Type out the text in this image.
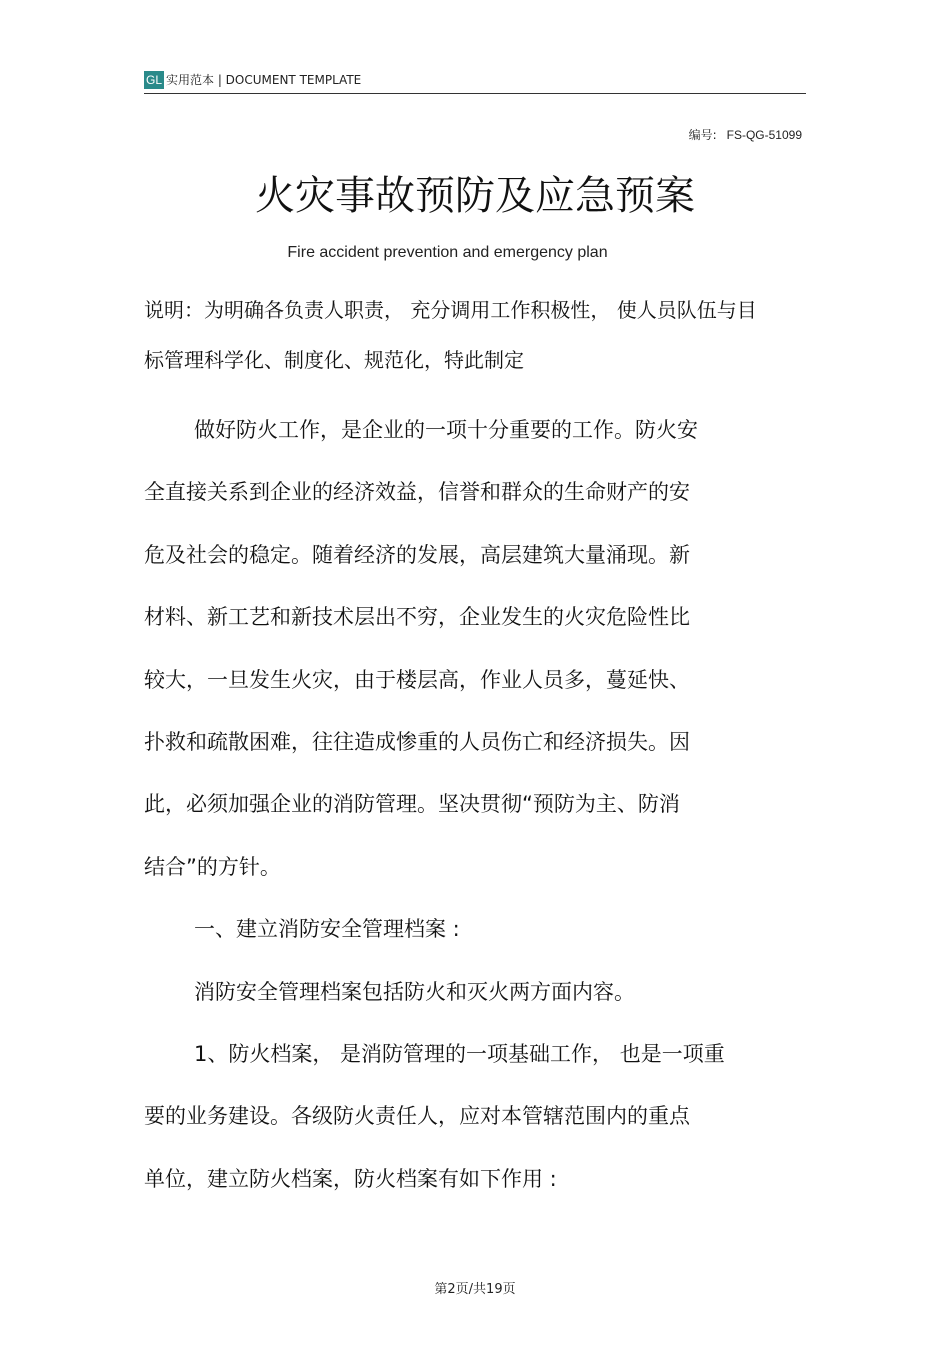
GL 实用范本 | DOCUMENT TEMPLATE
编号: FS-QG-51099
火灾事故预防及应急预案
Fire accident prevention and emergency plan
说明：为明确各负责人职责， 充分调用工作积极性， 使人员队伍与目
标管理科学化、制度化、规范化，特此制定
做好防火工作，是企业的一项十分重要的工作。防火安
全直接关系到企业的经济效益，信誉和群众的生命财产的安
危及社会的稳定。随着经济的发展，高层建筑大量涌现。新
材料、新工艺和新技术层出不穷，企业发生的火灾危险性比
较大，一旦发生火灾，由于楼层高，作业人员多，蔓延快、
扑救和疏散困难，往往造成惨重的人员伤亡和经济损失。因
此，必须加强企业的消防管理。坚决贯彻“预防为主、防消
结合”的方针。
一、建立消防安全管理档案 :
消防安全管理档案包括防火和灭火两方面内容。
1、防火档案， 是消防管理的一项基础工作， 也是一项重
要的业务建设。各级防火责任人，应对本管辖范围内的重点
单位，建立防火档案，防火档案有如下作用 :
第2页/共19页
